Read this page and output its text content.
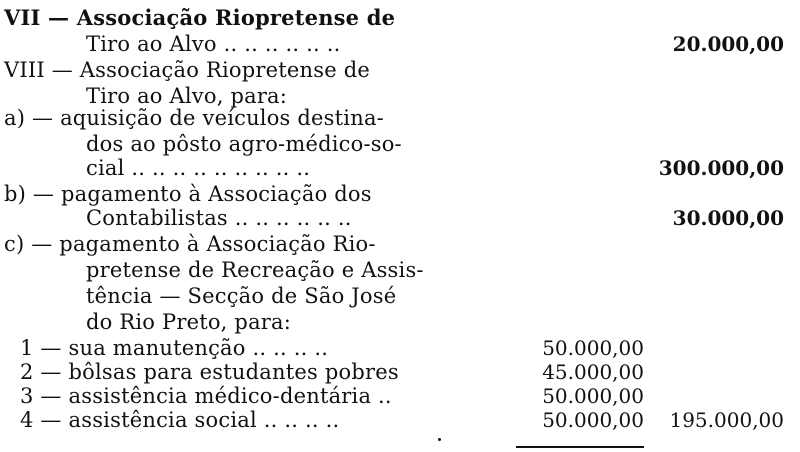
VII — Associação Riopretense de
Tiro ao Alvo .. .. .. .. .. ..	20.000,00
VIII — Associação Riopretense de
Tiro ao Alvo, para:
a) — aquisição de veículos destina-
dos ao pôsto agro-médico-so-
cial .. .. .. .. .. .. .. .. ..	300.000,00
b) — pagamento à Associação dos
Contabilistas .. .. .. .. .. ..	30.000,00
c) — pagamento à Associação Rio-
pretense de Recreação e Assis-
tência — Secção de São José
do Rio Preto, para:
1 — sua manutenção .. .. .. ..	50.000,00
2 — bôlsas para estudantes pobres	45.000,00
3 — assistência médico-dentária ..	50.000,00
4 — assistência social .. .. .. ..	50.000,00	195.000,00
